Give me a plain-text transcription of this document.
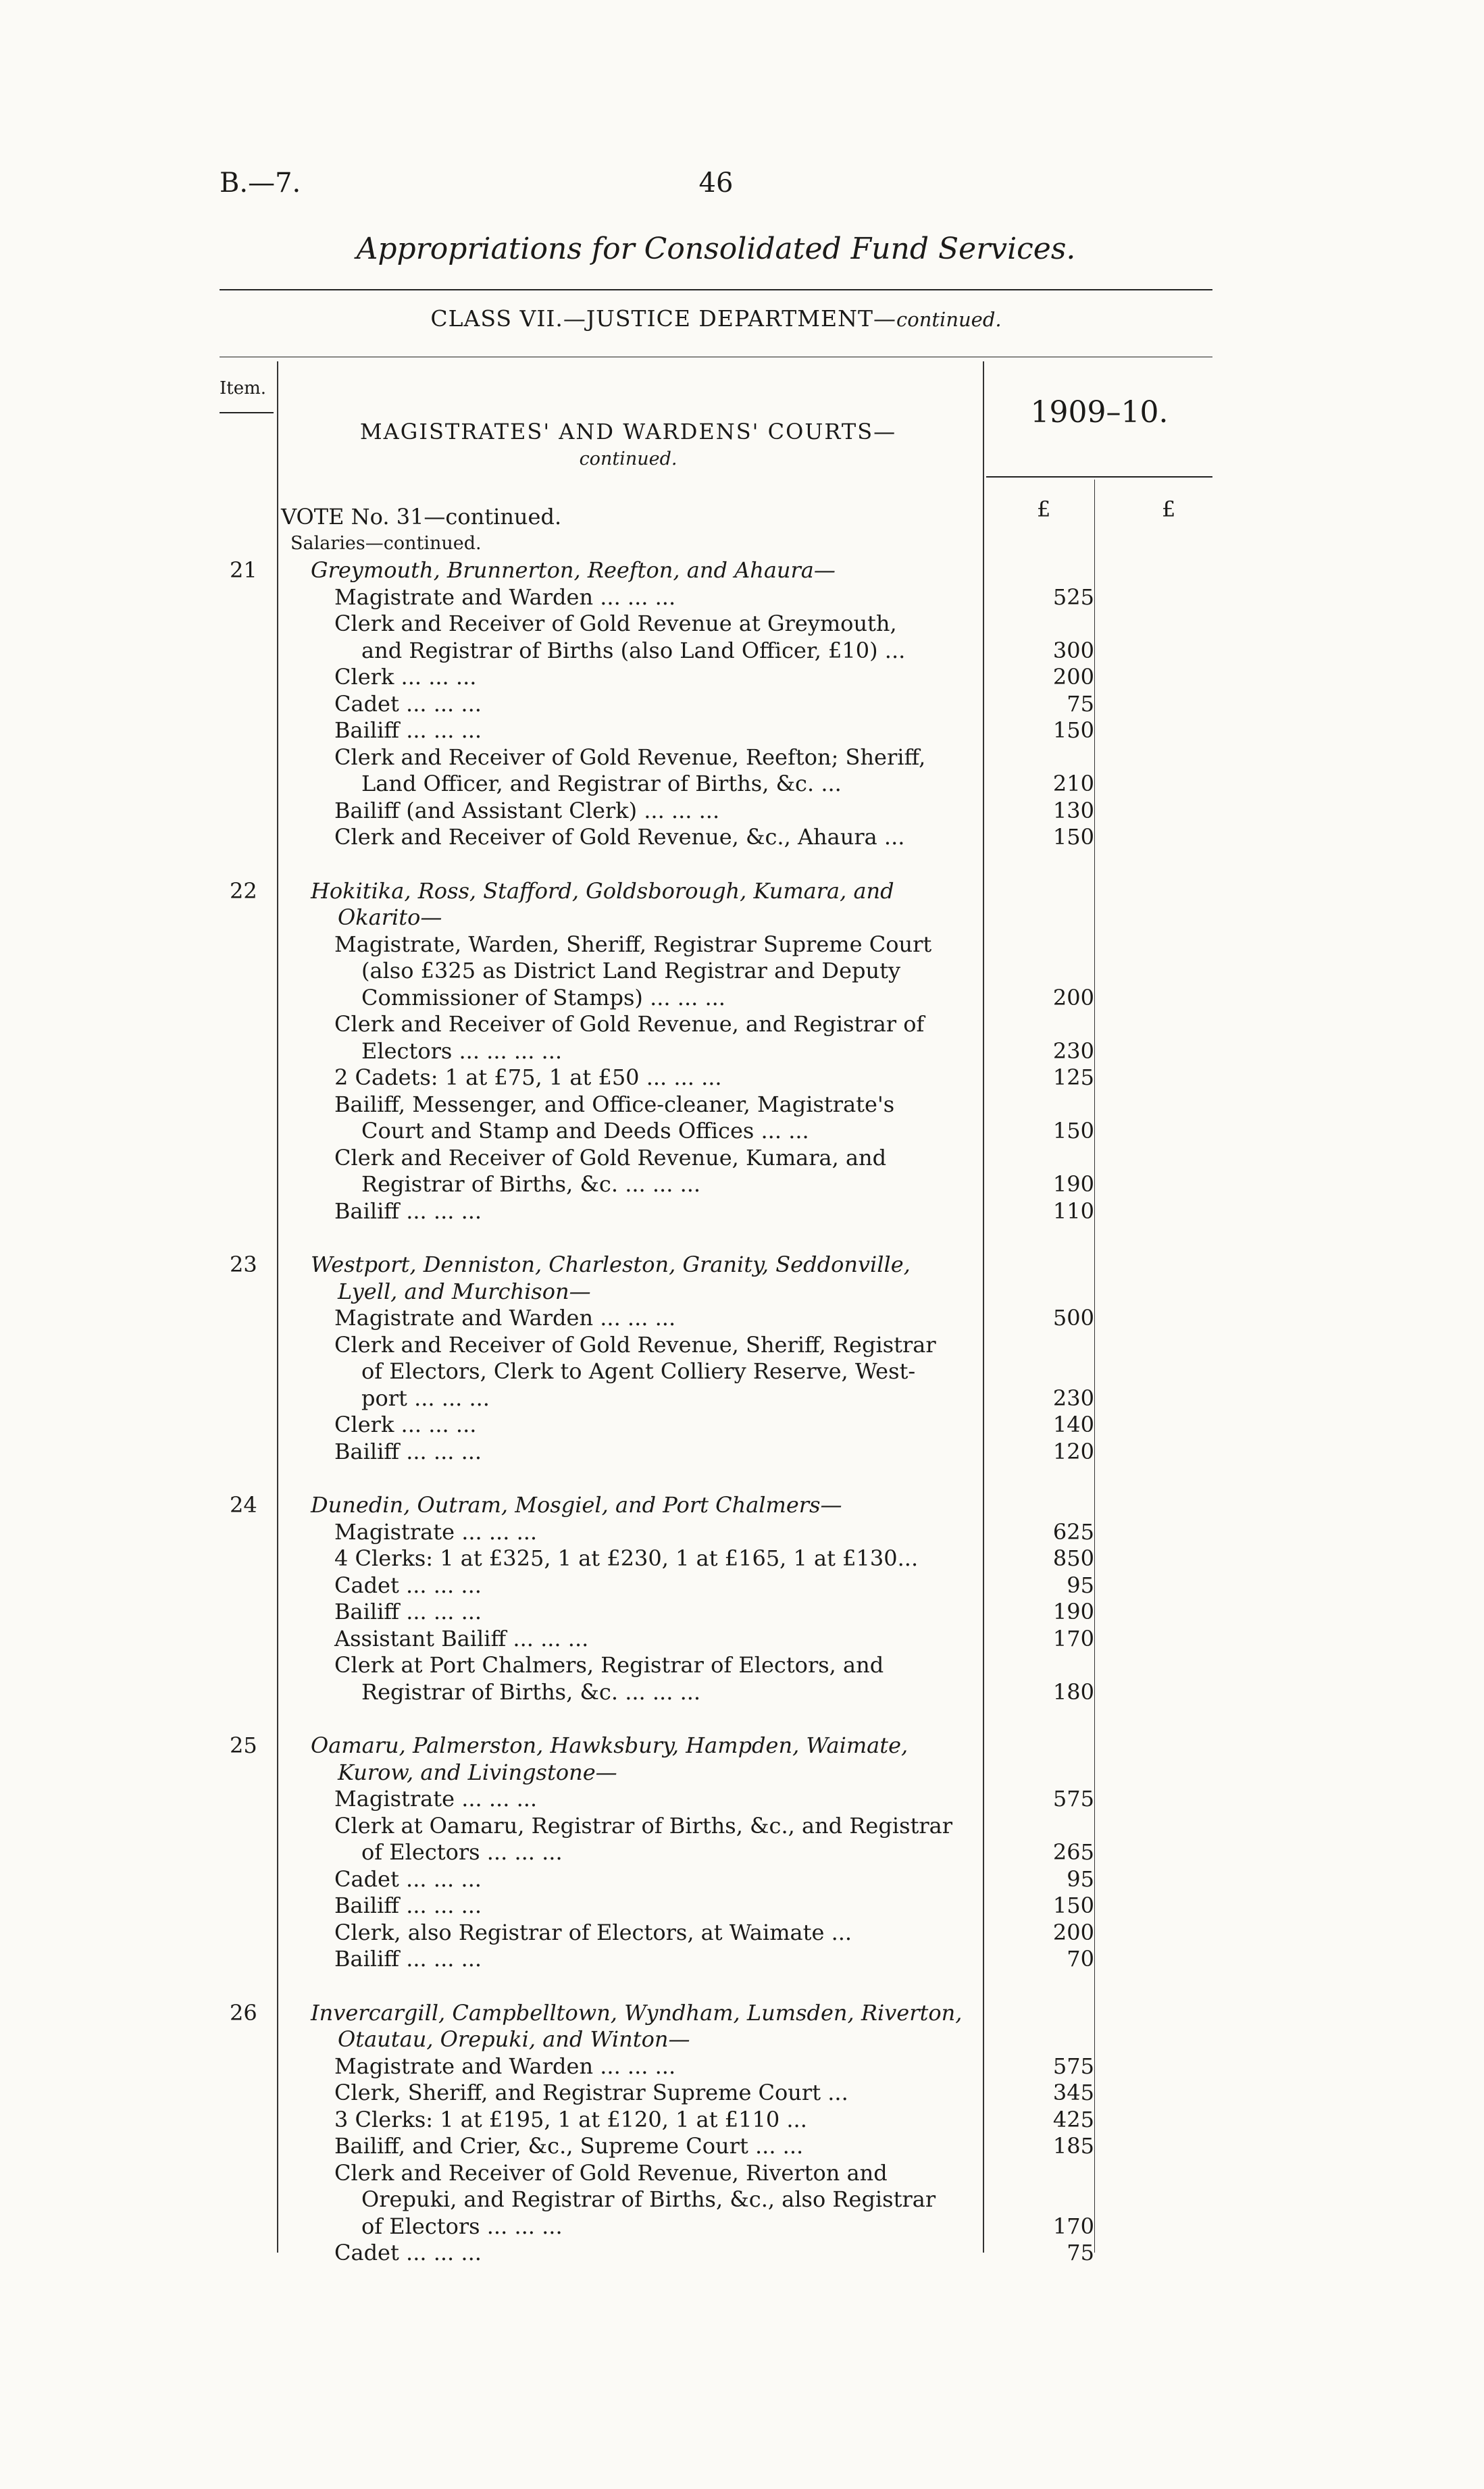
B.—7.	46
Appropriations for Consolidated Fund Services.
CLASS VII.—JUSTICE DEPARTMENT—continued.
Item.
MAGISTRATES' AND WARDENS' COURTS—
continued.
1909–10.
£	£
VOTE No. 31—continued.
Salaries—continued.
21	Greymouth, Brunnerton, Reefton, and Ahaura—
Magistrate and Warden ... ... ...	525
Clerk and Receiver of Gold Revenue at Greymouth,
and Registrar of Births (also Land Officer, £10) ...	300
Clerk ... ... ...	200
Cadet ... ... ...	75
Bailiff ... ... ...	150
Clerk and Receiver of Gold Revenue, Reefton; Sheriff,
Land Officer, and Registrar of Births, &c. ...	210
Bailiff (and Assistant Clerk) ... ... ...	130
Clerk and Receiver of Gold Revenue, &c., Ahaura ...	150
22	Hokitika, Ross, Stafford, Goldsborough, Kumara, and
Okarito—
Magistrate, Warden, Sheriff, Registrar Supreme Court
(also £325 as District Land Registrar and Deputy
Commissioner of Stamps) ... ... ...	200
Clerk and Receiver of Gold Revenue, and Registrar of
Electors ... ... ... ...	230
2 Cadets: 1 at £75, 1 at £50 ... ... ...	125
Bailiff, Messenger, and Office-cleaner, Magistrate's
Court and Stamp and Deeds Offices ... ...	150
Clerk and Receiver of Gold Revenue, Kumara, and
Registrar of Births, &c. ... ... ...	190
Bailiff ... ... ...	110
23	Westport, Denniston, Charleston, Granity, Seddonville,
Lyell, and Murchison—
Magistrate and Warden ... ... ...	500
Clerk and Receiver of Gold Revenue, Sheriff, Registrar
of Electors, Clerk to Agent Colliery Reserve, West-
port ... ... ...	230
Clerk ... ... ...	140
Bailiff ... ... ...	120
24	Dunedin, Outram, Mosgiel, and Port Chalmers—
Magistrate ... ... ...	625
4 Clerks: 1 at £325, 1 at £230, 1 at £165, 1 at £130...	850
Cadet ... ... ...	95
Bailiff ... ... ...	190
Assistant Bailiff ... ... ...	170
Clerk at Port Chalmers, Registrar of Electors, and
Registrar of Births, &c. ... ... ...	180
25	Oamaru, Palmerston, Hawksbury, Hampden, Waimate,
Kurow, and Livingstone—
Magistrate ... ... ...	575
Clerk at Oamaru, Registrar of Births, &c., and Registrar
of Electors ... ... ...	265
Cadet ... ... ...	95
Bailiff ... ... ...	150
Clerk, also Registrar of Electors, at Waimate ...	200
Bailiff ... ... ...	70
26	Invercargill, Campbelltown, Wyndham, Lumsden, Riverton,
Otautau, Orepuki, and Winton—
Magistrate and Warden ... ... ...	575
Clerk, Sheriff, and Registrar Supreme Court ...	345
3 Clerks: 1 at £195, 1 at £120, 1 at £110 ...	425
Bailiff, and Crier, &c., Supreme Court ... ...	185
Clerk and Receiver of Gold Revenue, Riverton and
Orepuki, and Registrar of Births, &c., also Registrar
of Electors ... ... ...	170
Cadet ... ... ...	75
